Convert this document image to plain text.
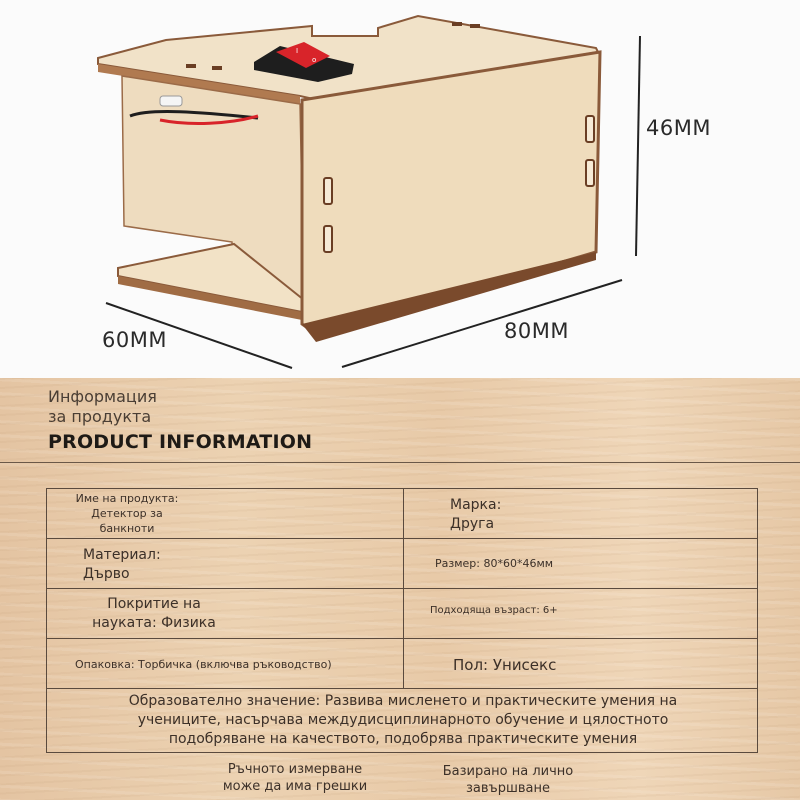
I
o
46MM
60MM	80MM
Информация
за продукта
PRODUCT INFORMATION
Име на продукта:
Детектор за
банкноти
Марка:
Друга
Материал:
Дърво
Размер: 80*60*46мм
Покритие на
науката: Физика
Подходяща възраст: 6+
Опаковка: Торбичка (включва ръководство)	Пол: Унисекс
Образователно значение: Развива мисленето и практическите умения на
учениците, насърчава междудисциплинарното обучение и цялостното
подобряване на качеството, подобрява практическите умения
Ръчното измерване
може да има грешки
Базирано на лично
завършване
